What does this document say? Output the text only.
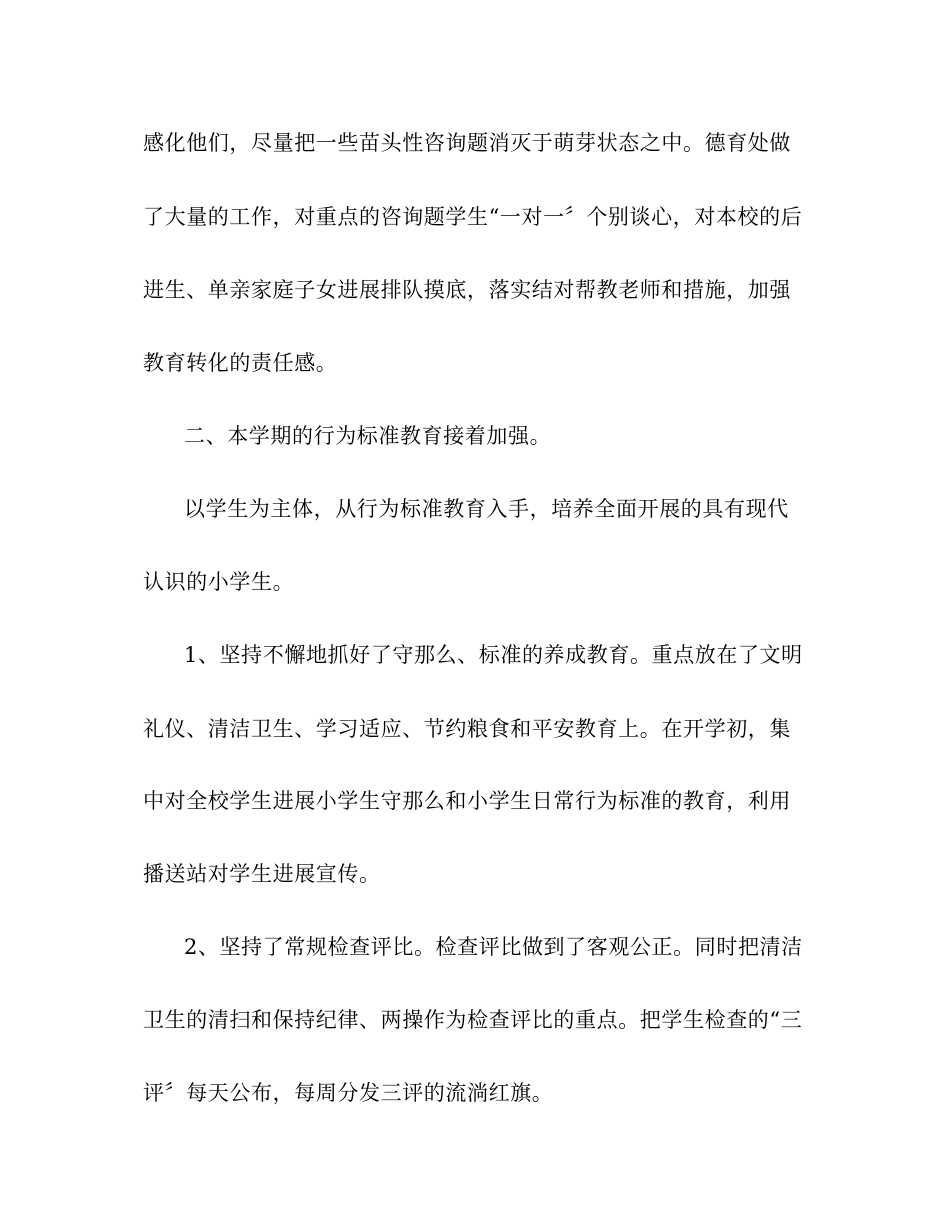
感化他们，尽量把一些苗头性咨询题消灭于萌芽状态之中。德育处做
了大量的工作，对重点的咨询题学生“一对一〞个别谈心，对本校的后
进生、单亲家庭子女进展排队摸底，落实结对帮教老师和措施，加强
教育转化的责任感。
二、本学期的行为标准教育接着加强。
以学生为主体，从行为标准教育入手，培养全面开展的具有现代
认识的小学生。
1、坚持不懈地抓好了守那么、标准的养成教育。重点放在了文明
礼仪、清洁卫生、学习适应、节约粮食和平安教育上。在开学初，集
中对全校学生进展小学生守那么和小学生日常行为标准的教育，利用
播送站对学生进展宣传。
2、坚持了常规检查评比。检查评比做到了客观公正。同时把清洁
卫生的清扫和保持纪律、两操作为检查评比的重点。把学生检查的“三
评〞每天公布，每周分发三评的流淌红旗。
